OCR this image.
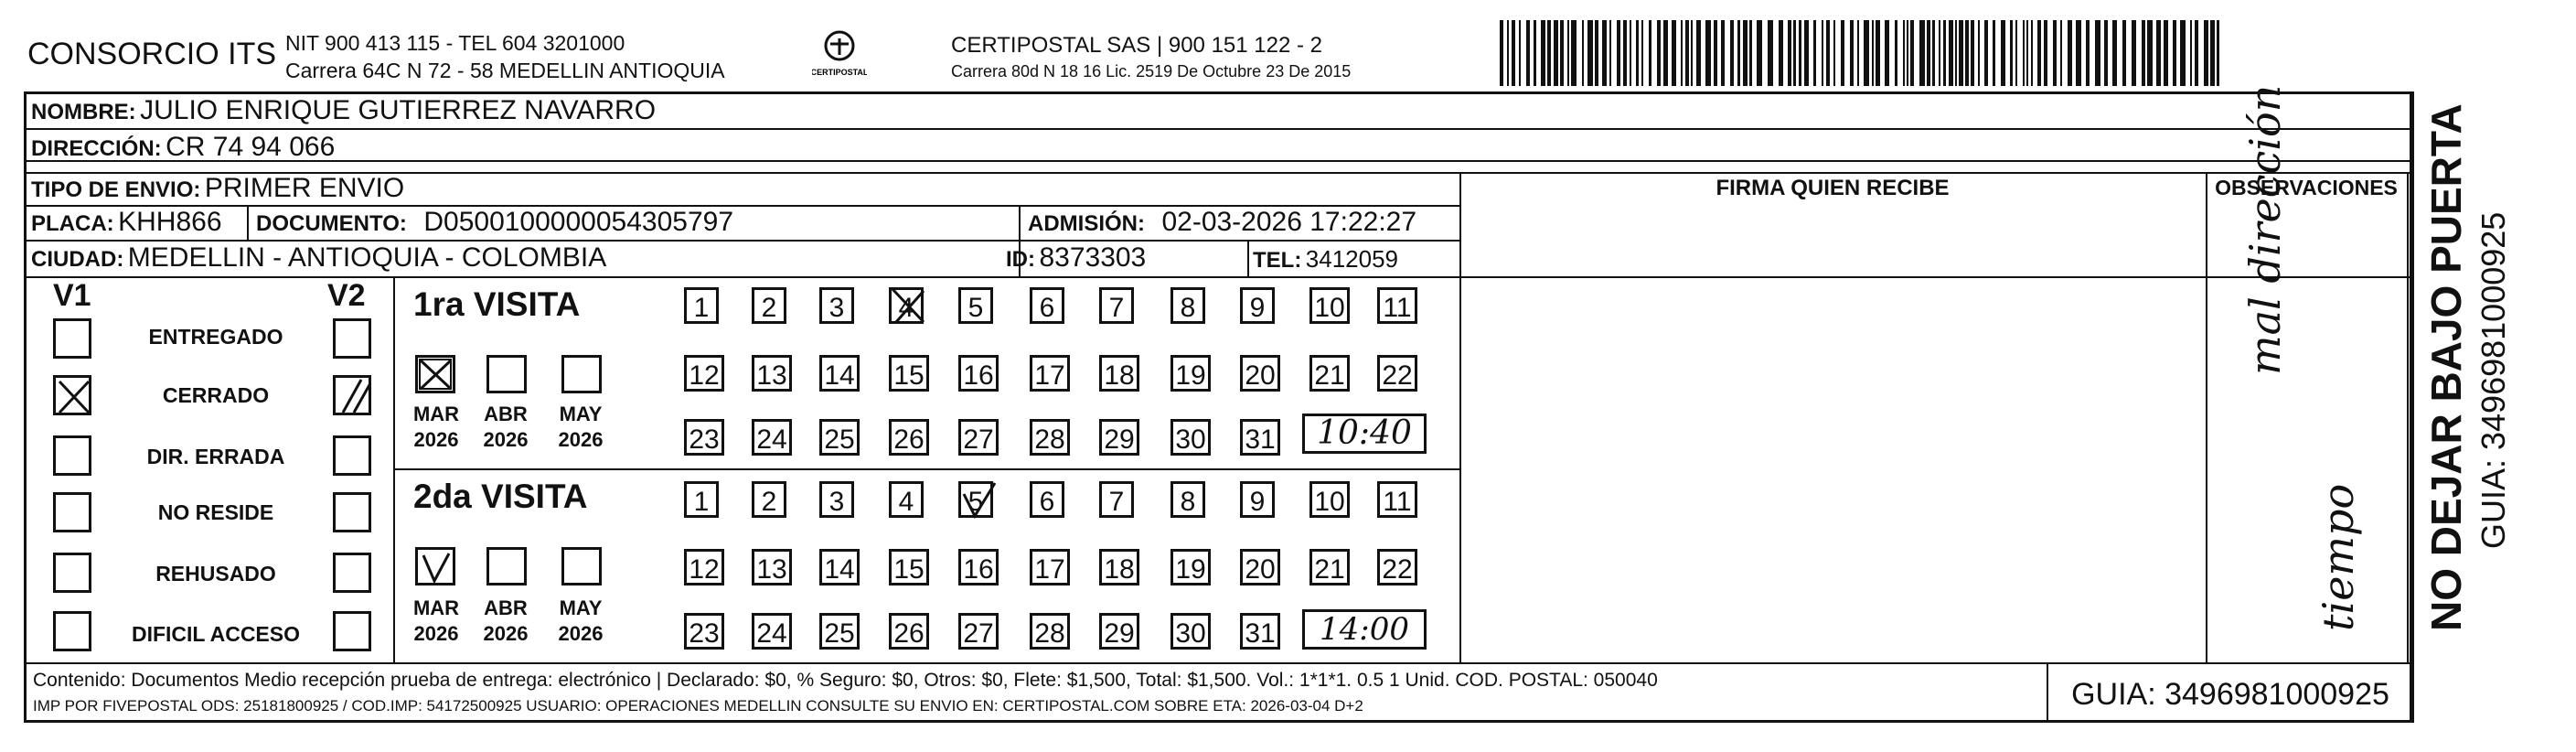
CONSORCIO ITS NIT 900 413 115 - TEL 604 3201000
Carrera 64C N 72 - 58 MEDELLIN ANTIOQUIA	CERTIPOSTAL
CERTIPOSTAL SAS | 900 151 122 - 2
Carrera 80d N 18 16 Lic. 2519 De Octubre 23 De 2015
NOMBRE: JULIO ENRIQUE GUTIERREZ NAVARRO
DIRECCIÓN: CR 74 94 066
TIPO DE ENVIO: PRIMER ENVIO
PLACA: KHH866 DOCUMENTO: D0500100000054305797	ADMISIÓN: 02-03-2026 17:22:27
CIUDAD: MEDELLIN - ANTIOQUIA - COLOMBIA	ID: 8373303	TEL: 3412059
FIRMA QUIEN RECIBE	OBSERVACIONES
V1	V2
ENTREGADO
CERRADO
DIR. ERRADA
NO RESIDE
REHUSADO
DIFICIL ACCESO
1ra VISITA
MAR	ABR	MAY
2026 2026 2026
1	2	3	4	5	6	7	8	9	10 11
12 13 14 15 16 17 18 19 20 21 22
23 24 25 26 27 28 29 30 31	10:40
2da VISITA
MAR	ABR	MAY
2026 2026 2026
1	2	3	4	5	6	7	8	9	10 11
12 13 14 15 16 17 18 19 20 21 22
23 24 25 26 27 28 29 30 31	14:00
mal dirección
tiempo NO DEJAR BAJO PUERTA GUIA: 3496981000925
Contenido: Documentos Medio recepción prueba de entrega: electrónico | Declarado: $0, % Seguro: $0, Otros: $0, Flete: $1,500, Total: $1,500. Vol.: 1*1*1. 0.5 1 Unid. COD. POSTAL: 050040
IMP POR FIVEPOSTAL ODS: 25181800925 / COD.IMP: 54172500925 USUARIO: OPERACIONES MEDELLIN CONSULTE SU ENVIO EN: CERTIPOSTAL.COM SOBRE ETA: 2026-03-04 D+2	GUIA: 3496981000925
